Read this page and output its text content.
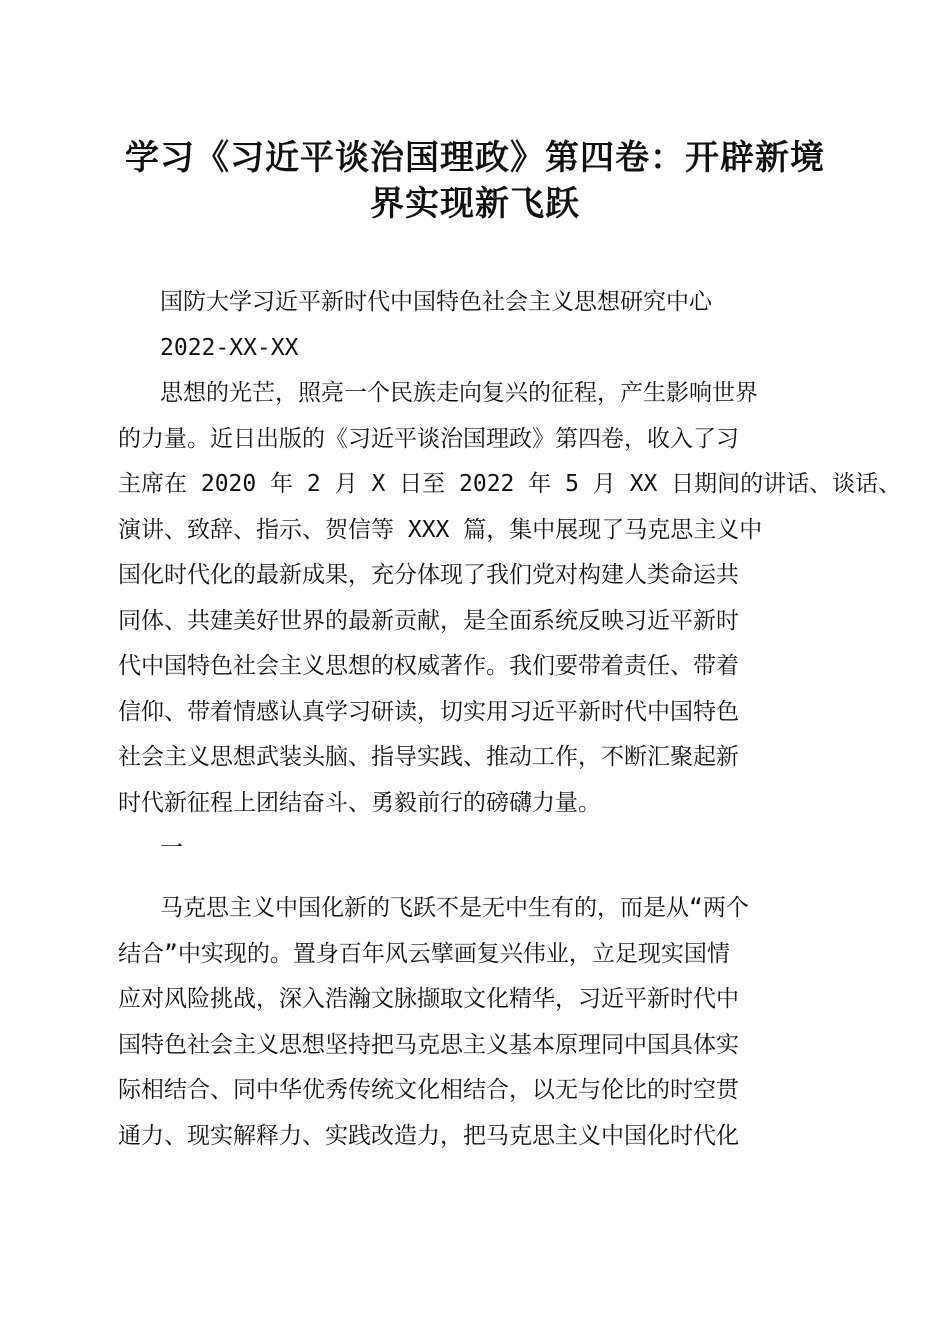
学习《习近平谈治国理政》第四卷：开辟新境
界实现新飞跃
国防大学习近平新时代中国特色社会主义思想研究中心
2022-XX-XX
思想的光芒，照亮一个民族走向复兴的征程，产生影响世界
的力量。近日出版的《习近平谈治国理政》第四卷，收入了习
主席在 2020 年 2 月 X 日至 2022 年 5 月 XX 日期间的讲话、谈话、
演讲、致辞、指示、贺信等 XXX 篇，集中展现了马克思主义中
国化时代化的最新成果，充分体现了我们党对构建人类命运共
同体、共建美好世界的最新贡献，是全面系统反映习近平新时
代中国特色社会主义思想的权威著作。我们要带着责任、带着
信仰、带着情感认真学习研读，切实用习近平新时代中国特色
社会主义思想武装头脑、指导实践、推动工作，不断汇聚起新
时代新征程上团结奋斗、勇毅前行的磅礴力量。
一
马克思主义中国化新的飞跃不是无中生有的，而是从“两个
结合”中实现的。置身百年风云擘画复兴伟业，立足现实国情
应对风险挑战，深入浩瀚文脉撷取文化精华，习近平新时代中
国特色社会主义思想坚持把马克思主义基本原理同中国具体实
际相结合、同中华优秀传统文化相结合，以无与伦比的时空贯
通力、现实解释力、实践改造力，把马克思主义中国化时代化
